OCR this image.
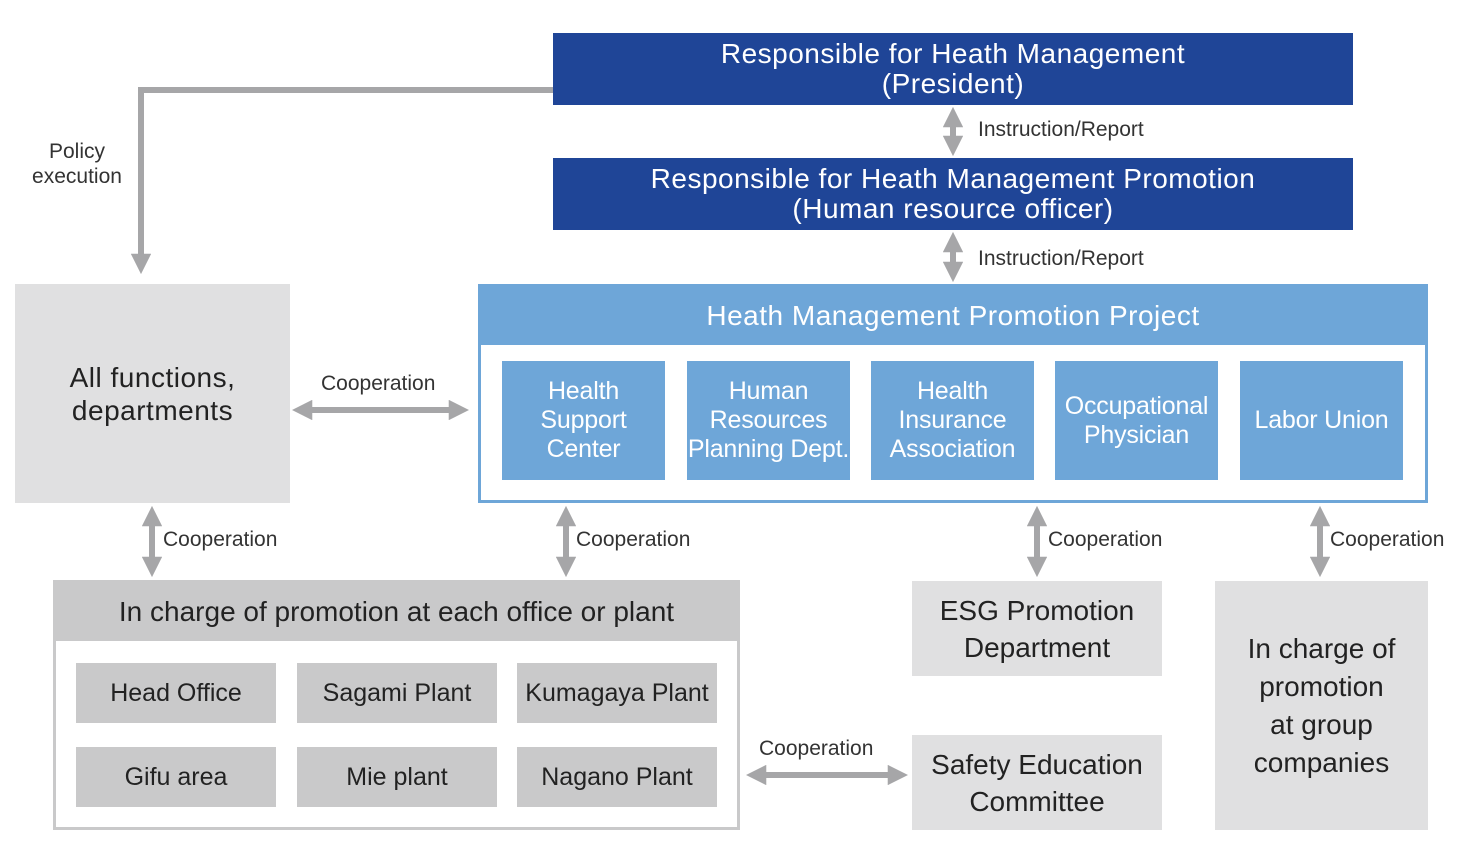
Responsible for Heath Management
(President)
Instruction/Report
Responsible for Heath Management Promotion
(Human resource officer)
Instruction/Report
Policy
execution
All functions,
departments
Cooperation
Heath Management Promotion Project
Health
Support
Center
Human
Resources
Planning Dept.
Health
Insurance
Association
Occupational
Physician
Labor Union
Cooperation	Cooperation	Cooperation	Cooperation
In charge of promotion at each office or plant
Head Office	Sagami Plant	Kumagaya Plant
Gifu area	Mie plant	Nagano Plant
Cooperation
ESG Promotion
Department
Safety Education
Committee
In charge of
promotion
at group
companies
